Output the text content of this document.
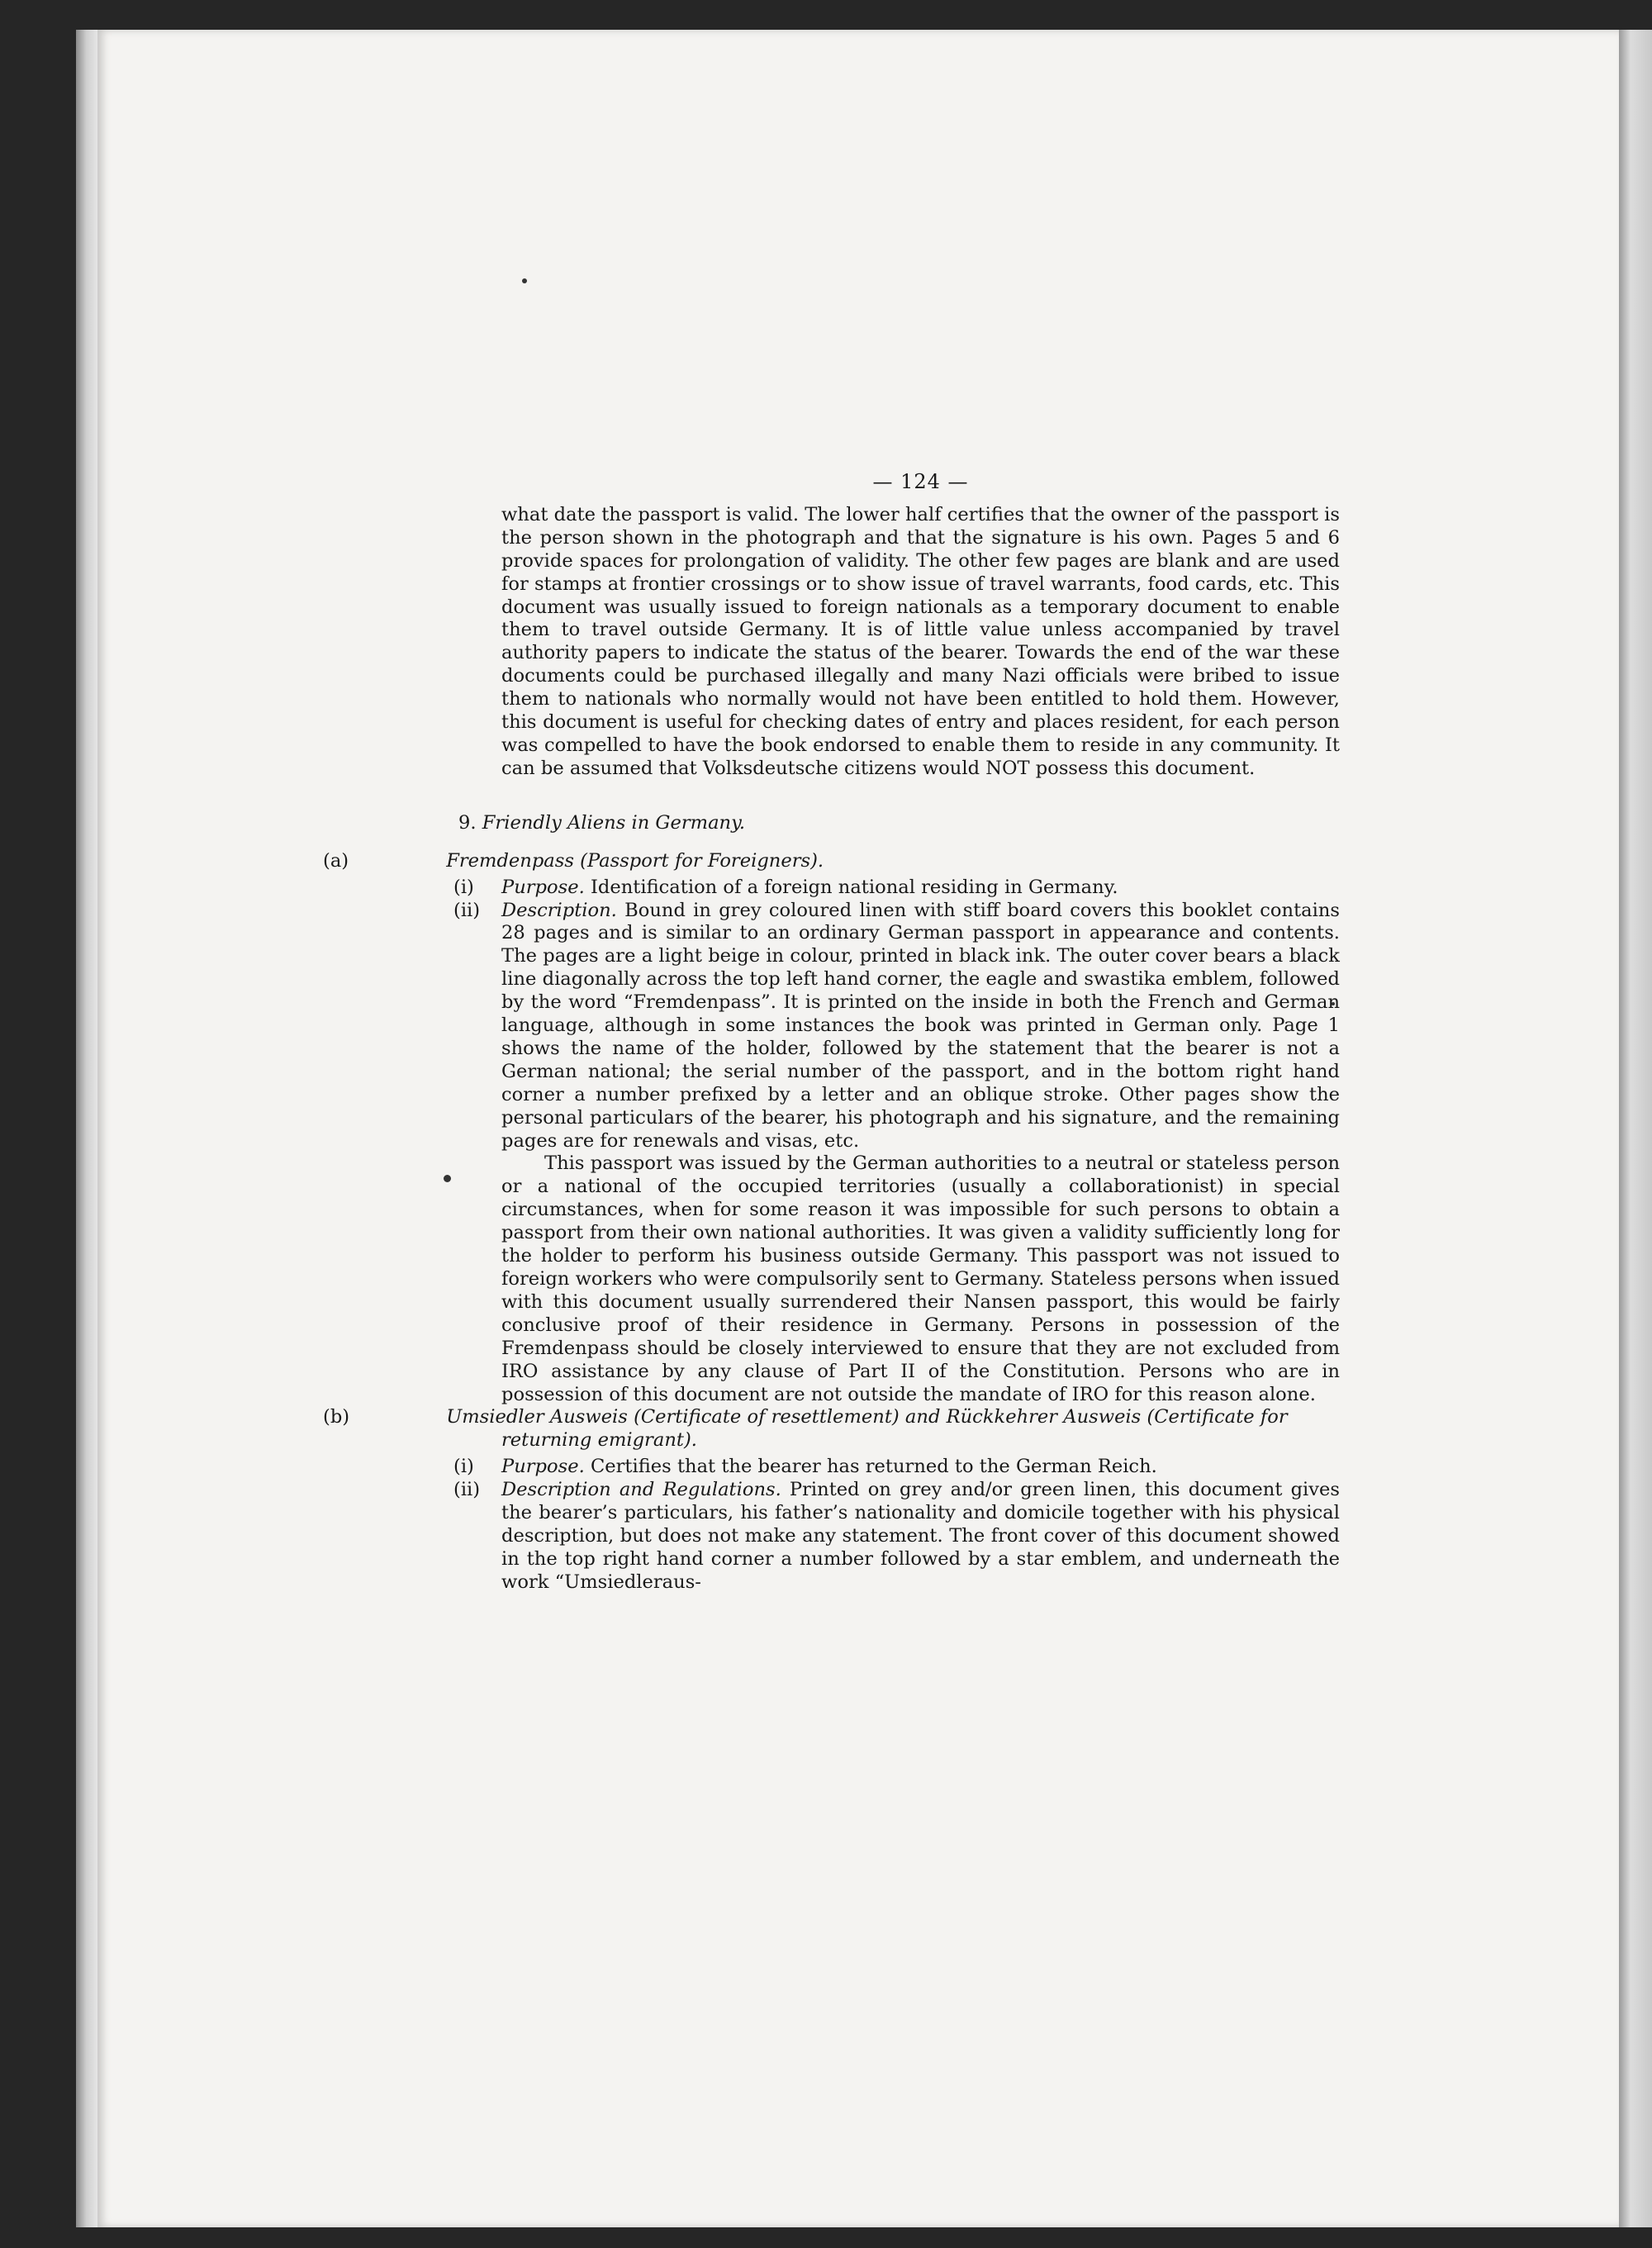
— 124 —

what date the passport is valid. The lower half certifies that the owner of the passport is the person shown in the photograph and that the signature is his own. Pages 5 and 6 provide spaces for prolongation of validity. The other few pages are blank and are used for stamps at frontier crossings or to show issue of travel warrants, food cards, etc. This document was usually issued to foreign nationals as a temporary document to enable them to travel outside Germany. It is of little value unless accompanied by travel authority papers to indicate the status of the bearer. Towards the end of the war these documents could be purchased illegally and many Nazi officials were bribed to issue them to nationals who normally would not have been entitled to hold them. However, this document is useful for checking dates of entry and places resident, for each person was compelled to have the book endorsed to enable them to reside in any community. It can be assumed that Volksdeutsche citizens would NOT possess this document.

9. Friendly Aliens in Germany.
(a)	Fremdenpass (Passport for Foreigners).
(i) Purpose. Identification of a foreign national residing in Germany.
(ii) Description. Bound in grey coloured linen with stiff board covers this booklet contains 28 pages and is similar to an ordinary German passport in appearance and contents. The pages are a light beige in colour, printed in black ink. The outer cover bears a black line diagonally across the top left hand corner, the eagle and swastika emblem, followed by the word “Fremdenpass”. It is printed on the inside in both the French and German language, although in some instances the book was printed in German only. Page 1 shows the name of the holder, followed by the statement that the bearer is not a German national; the serial number of the passport, and in the bottom right hand corner a number prefixed by a letter and an oblique stroke. Other pages show the personal particulars of the bearer, his photograph and his signature, and the remaining pages are for renewals and visas, etc.

This passport was issued by the German authorities to a neutral or stateless person or a national of the occupied territories (usually a collaborationist) in special circumstances, when for some reason it was impossible for such persons to obtain a passport from their own national authorities. It was given a validity sufficiently long for the holder to perform his business outside Germany. This passport was not issued to foreign workers who were compulsorily sent to Germany. Stateless persons when issued with this document usually surrendered their Nansen passport, this would be fairly conclusive proof of their residence in Germany. Persons in possession of the Fremdenpass should be closely interviewed to ensure that they are not excluded from IRO assistance by any clause of Part II of the Constitution. Persons who are in possession of this document are not outside the mandate of IRO for this reason alone.

(b)	Umsiedler Ausweis (Certificate of resettlement) and Rückkehrer Ausweis (Certificate for returning emigrant).
(i) Purpose. Certifies that the bearer has returned to the German Reich.
(ii) Description and Regulations. Printed on grey and/or green linen, this document gives the bearer’s particulars, his father’s nationality and domicile together with his physical description, but does not make any statement. The front cover of this document showed in the top right hand corner a number followed by a star emblem, and underneath the work “Umsiedleraus-
